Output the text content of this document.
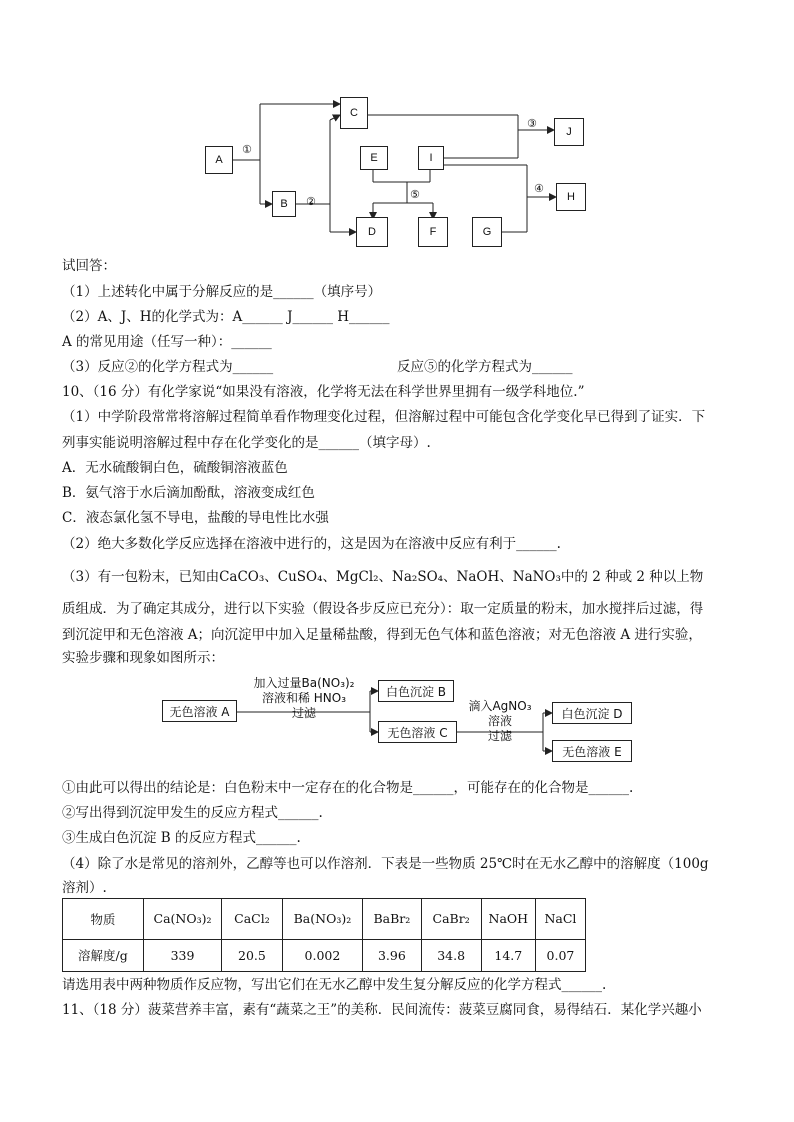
A
B
C
D
E
F	G
H
I
J
①
②
③
④
⑤
试回答：
（1）上述转化中属于分解反应的是______（填序号）
（2）A、J、H的化学式为：A______ J______ H______
A 的常见用途（任写一种）：______
（3）反应②的化学方程式为______	反应⑤的化学方程式为______
10、（16 分）有化学家说“如果没有溶液，化学将无法在科学世界里拥有一级学科地位.”
（1）中学阶段常常将溶解过程简单看作物理变化过程，但溶解过程中可能包含化学变化早已得到了证实．下
列事实能说明溶解过程中存在化学变化的是______（填字母）.
A．无水硫酸铜白色，硫酸铜溶液蓝色
B．氨气溶于水后滴加酚酞，溶液变成红色
C．液态氯化氢不导电，盐酸的导电性比水强
（2）绝大多数化学反应选择在溶液中进行的，这是因为在溶液中反应有利于______.
（3）有一包粉末，已知由CaCO₃、CuSO₄、MgCl₂、Na₂SO₄、NaOH、NaNO₃中的 2 种或 2 种以上物
质组成．为了确定其成分，进行以下实验（假设各步反应已充分）：取一定质量的粉末，加水搅拌后过滤，得
到沉淀甲和无色溶液 A；向沉淀甲中加入足量稀盐酸，得到无色气体和蓝色溶液；对无色溶液 A 进行实验，
实验步骤和现象如图所示：
无色溶液 A
白色沉淀 B
无色溶液 C
白色沉淀 D
无色溶液 E
加入过量Ba(NO₃)₂
溶液和稀 HNO₃
过滤	滴入AgNO₃
溶液
过滤
①由此可以得出的结论是：白色粉末中一定存在的化合物是______，可能存在的化合物是______.
②写出得到沉淀甲发生的反应方程式______.
③生成白色沉淀 B 的反应方程式______.
（4）除了水是常见的溶剂外，乙醇等也可以作溶剂．下表是一些物质 25℃时在无水乙醇中的溶解度（100g
溶剂）.
物质	Ca(NO₃)₂	CaCl₂	Ba(NO₃)₂	BaBr₂	CaBr₂	NaOH	NaCl
溶解度/g	339	20.5	0.002	3.96	34.8	14.7	0.07
请选用表中两种物质作反应物，写出它们在无水乙醇中发生复分解反应的化学方程式______.
11、（18 分）菠菜营养丰富，素有“蔬菜之王”的美称．民间流传：菠菜豆腐同食，易得结石．某化学兴趣小
